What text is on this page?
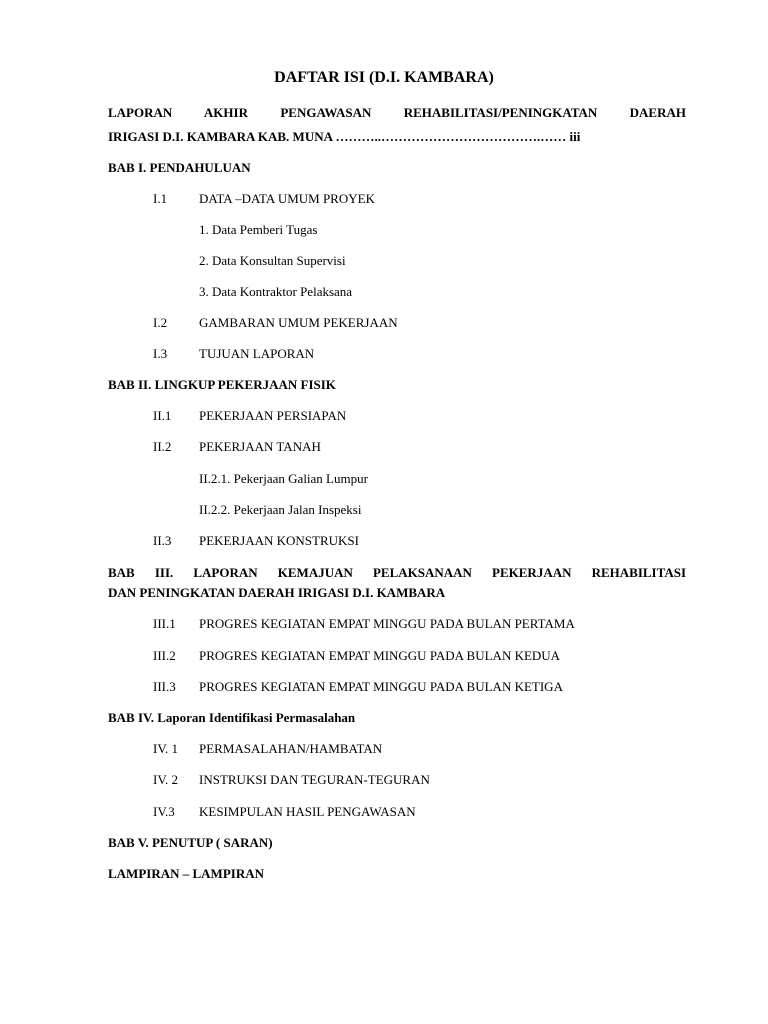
DAFTAR ISI (D.I. KAMBARA)
LAPORAN AKHIR PENGAWASAN REHABILITASI/PENINGKATAN DAERAH
IRIGASI D.I. KAMBARA KAB. MUNA ………..……………………………….…… iii
BAB I. PENDAHULUAN
I.1 DATA –DATA UMUM PROYEK
1. Data Pemberi Tugas
2. Data Konsultan Supervisi
3. Data Kontraktor Pelaksana
I.2 GAMBARAN UMUM PEKERJAAN
I.3 TUJUAN LAPORAN
BAB II. LINGKUP PEKERJAAN FISIK
II.1 PEKERJAAN PERSIAPAN
II.2 PEKERJAAN TANAH
II.2.1. Pekerjaan Galian Lumpur
II.2.2. Pekerjaan Jalan Inspeksi
II.3 PEKERJAAN KONSTRUKSI
BAB III. LAPORAN KEMAJUAN PELAKSANAAN PEKERJAAN REHABILITASI
DAN PENINGKATAN DAERAH IRIGASI D.I. KAMBARA
III.1 PROGRES KEGIATAN EMPAT MINGGU PADA BULAN PERTAMA
III.2 PROGRES KEGIATAN EMPAT MINGGU PADA BULAN KEDUA
III.3 PROGRES KEGIATAN EMPAT MINGGU PADA BULAN KETIGA
BAB IV. Laporan Identifikasi Permasalahan
IV. 1 PERMASALAHAN/HAMBATAN
IV. 2 INSTRUKSI DAN TEGURAN-TEGURAN
IV.3 KESIMPULAN HASIL PENGAWASAN
BAB V. PENUTUP ( SARAN)
LAMPIRAN – LAMPIRAN
